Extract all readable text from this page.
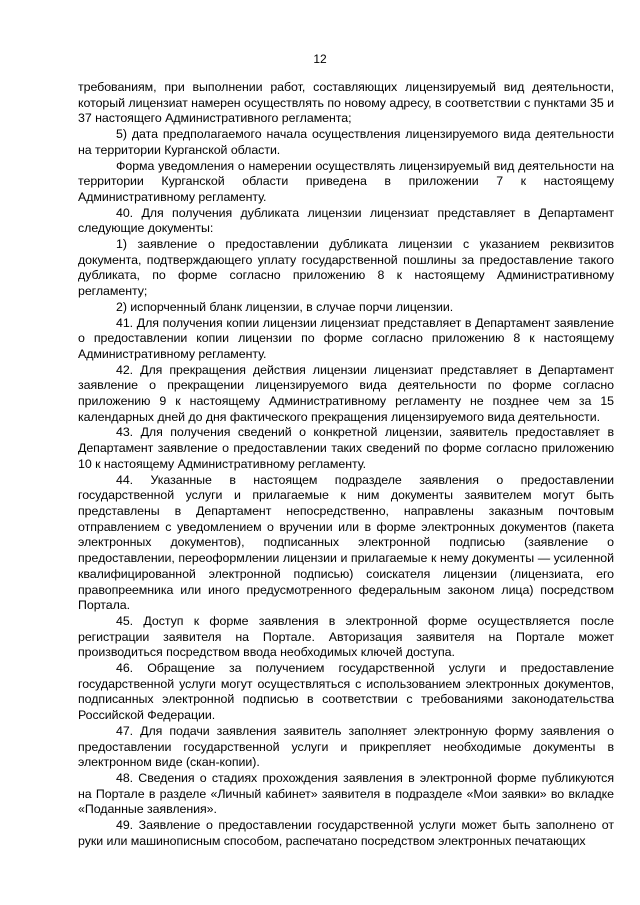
12

требованиям, при выполнении работ, составляющих лицензируемый вид деятельности, который лицензиат намерен осуществлять по новому адресу, в соответствии с пунктами 35 и 37 настоящего Административного регламента;

5) дата предполагаемого начала осуществления лицензируемого вида деятельности на территории Курганской области.

Форма уведомления о намерении осуществлять лицензируемый вид деятельности на территории Курганской области приведена в приложении 7 к настоящему Административному регламенту.

40. Для получения дубликата лицензии лицензиат представляет в Департамент следующие документы:

1) заявление о предоставлении дубликата лицензии с указанием реквизитов документа, подтверждающего уплату государственной пошлины за предоставление такого дубликата, по форме согласно приложению 8 к настоящему Административному регламенту;

2) испорченный бланк лицензии, в случае порчи лицензии.

41. Для получения копии лицензии лицензиат представляет в Департамент заявление о предоставлении копии лицензии по форме согласно приложению 8 к настоящему Административному регламенту.

42. Для прекращения действия лицензии лицензиат представляет в Департамент заявление о прекращении лицензируемого вида деятельности по форме согласно приложению 9 к настоящему Административному регламенту не позднее чем за 15 календарных дней до дня фактического прекращения лицензируемого вида деятельности.

43. Для получения сведений о конкретной лицензии, заявитель предоставляет в Департамент заявление о предоставлении таких сведений по форме согласно приложению 10 к настоящему Административному регламенту.

44. Указанные в настоящем подразделе заявления о предоставлении государственной услуги и прилагаемые к ним документы заявителем могут быть представлены в Департамент непосредственно, направлены заказным почтовым отправлением с уведомлением о вручении или в форме электронных документов (пакета электронных документов), подписанных электронной подписью (заявление о предоставлении, переоформлении лицензии и прилагаемые к нему документы — усиленной квалифицированной электронной подписью) соискателя лицензии (лицензиата, его правопреемника или иного предусмотренного федеральным законом лица) посредством Портала.

45. Доступ к форме заявления в электронной форме осуществляется после регистрации заявителя на Портале. Авторизация заявителя на Портале может производиться посредством ввода необходимых ключей доступа.

46. Обращение за получением государственной услуги и предоставление государственной услуги могут осуществляться с использованием электронных документов, подписанных электронной подписью в соответствии с требованиями законодательства Российской Федерации.

47. Для подачи заявления заявитель заполняет электронную форму заявления о предоставлении государственной услуги и прикрепляет необходимые документы в электронном виде (скан-копии).

48. Сведения о стадиях прохождения заявления в электронной форме публикуются на Портале в разделе «Личный кабинет» заявителя в подразделе «Мои заявки» во вкладке «Поданные заявления».

49. Заявление о предоставлении государственной услуги может быть заполнено от руки или машинописным способом, распечатано посредством электронных печатающих
